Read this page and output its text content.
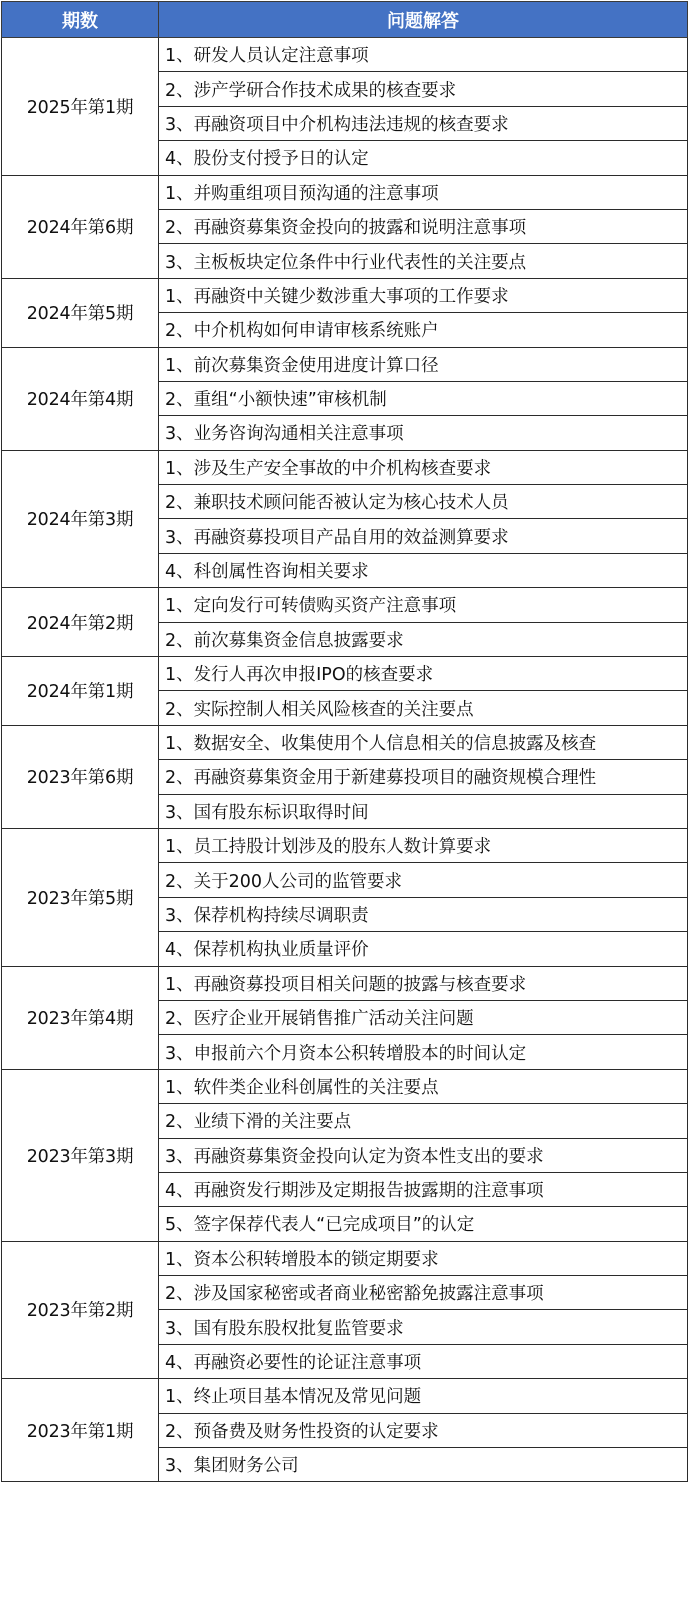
期数	问题解答
2025年第1期	1、研发人员认定注意事项
	2、涉产学研合作技术成果的核查要求
	3、再融资项目中介机构违法违规的核查要求
	4、股份支付授予日的认定
2024年第6期	1、并购重组项目预沟通的注意事项
	2、再融资募集资金投向的披露和说明注意事项
	3、主板板块定位条件中行业代表性的关注要点
2024年第5期	1、再融资中关键少数涉重大事项的工作要求
	2、中介机构如何申请审核系统账户
2024年第4期	1、前次募集资金使用进度计算口径
	2、重组“小额快速”审核机制
	3、业务咨询沟通相关注意事项
2024年第3期	1、涉及生产安全事故的中介机构核查要求
	2、兼职技术顾问能否被认定为核心技术人员
	3、再融资募投项目产品自用的效益测算要求
	4、科创属性咨询相关要求
2024年第2期	1、定向发行可转债购买资产注意事项
	2、前次募集资金信息披露要求
2024年第1期	1、发行人再次申报IPO的核查要求
	2、实际控制人相关风险核查的关注要点
2023年第6期	1、数据安全、收集使用个人信息相关的信息披露及核查
	2、再融资募集资金用于新建募投项目的融资规模合理性
	3、国有股东标识取得时间
2023年第5期	1、员工持股计划涉及的股东人数计算要求
	2、关于200人公司的监管要求
	3、保荐机构持续尽调职责
	4、保荐机构执业质量评价
2023年第4期	1、再融资募投项目相关问题的披露与核查要求
	2、医疗企业开展销售推广活动关注问题
	3、申报前六个月资本公积转增股本的时间认定
2023年第3期	1、软件类企业科创属性的关注要点
	2、业绩下滑的关注要点
	3、再融资募集资金投向认定为资本性支出的要求
	4、再融资发行期涉及定期报告披露期的注意事项
	5、签字保荐代表人“已完成项目”的认定
2023年第2期	1、资本公积转增股本的锁定期要求
	2、涉及国家秘密或者商业秘密豁免披露注意事项
	3、国有股东股权批复监管要求
	4、再融资必要性的论证注意事项
2023年第1期	1、终止项目基本情况及常见问题
	2、预备费及财务性投资的认定要求
	3、集团财务公司
